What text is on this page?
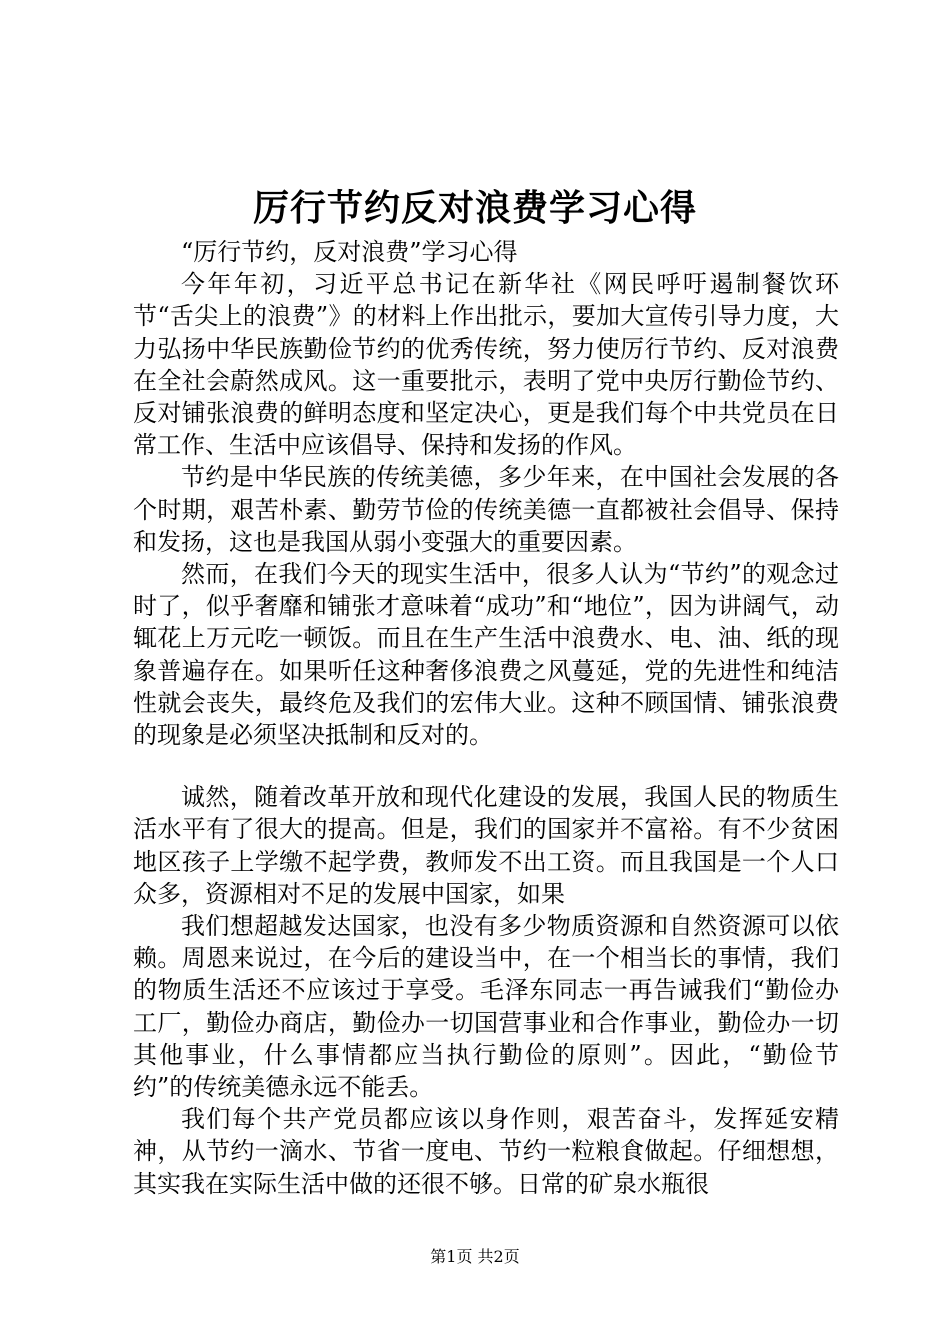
厉行节约反对浪费学习心得

“厉行节约，反对浪费”学习心得

今年年初，习近平总书记在新华社《网民呼吁遏制餐饮环节“舌尖上的浪费”》的材料上作出批示，要加大宣传引导力度，大力弘扬中华民族勤俭节约的优秀传统，努力使厉行节约、反对浪费在全社会蔚然成风。这一重要批示，表明了党中央厉行勤俭节约、反对铺张浪费的鲜明态度和坚定决心，更是我们每个中共党员在日常工作、生活中应该倡导、保持和发扬的作风。

节约是中华民族的传统美德，多少年来，在中国社会发展的各个时期，艰苦朴素、勤劳节俭的传统美德一直都被社会倡导、保持和发扬，这也是我国从弱小变强大的重要因素。

然而，在我们今天的现实生活中，很多人认为“节约”的观念过时了，似乎奢靡和铺张才意味着“成功”和“地位”，因为讲阔气，动辄花上万元吃一顿饭。而且在生产生活中浪费水、电、油、纸的现象普遍存在。如果听任这种奢侈浪费之风蔓延，党的先进性和纯洁性就会丧失，最终危及我们的宏伟大业。这种不顾国情、铺张浪费的现象是必须坚决抵制和反对的。

诚然，随着改革开放和现代化建设的发展，我国人民的物质生活水平有了很大的提高。但是，我们的国家并不富裕。有不少贫困地区孩子上学缴不起学费，教师发不出工资。而且我国是一个人口众多，资源相对不足的发展中国家，如果

我们想超越发达国家，也没有多少物质资源和自然资源可以依赖。周恩来说过，在今后的建设当中，在一个相当长的事情，我们的物质生活还不应该过于享受。毛泽东同志一再告诫我们“勤俭办工厂，勤俭办商店，勤俭办一切国营事业和合作事业，勤俭办一切其他事业，什么事情都应当执行勤俭的原则”。因此，“勤俭节约”的传统美德永远不能丢。

我们每个共产党员都应该以身作则，艰苦奋斗，发挥延安精神，从节约一滴水、节省一度电、节约一粒粮食做起。仔细想想，其实我在实际生活中做的还很不够。日常的矿泉水瓶很

第1页 共2页
